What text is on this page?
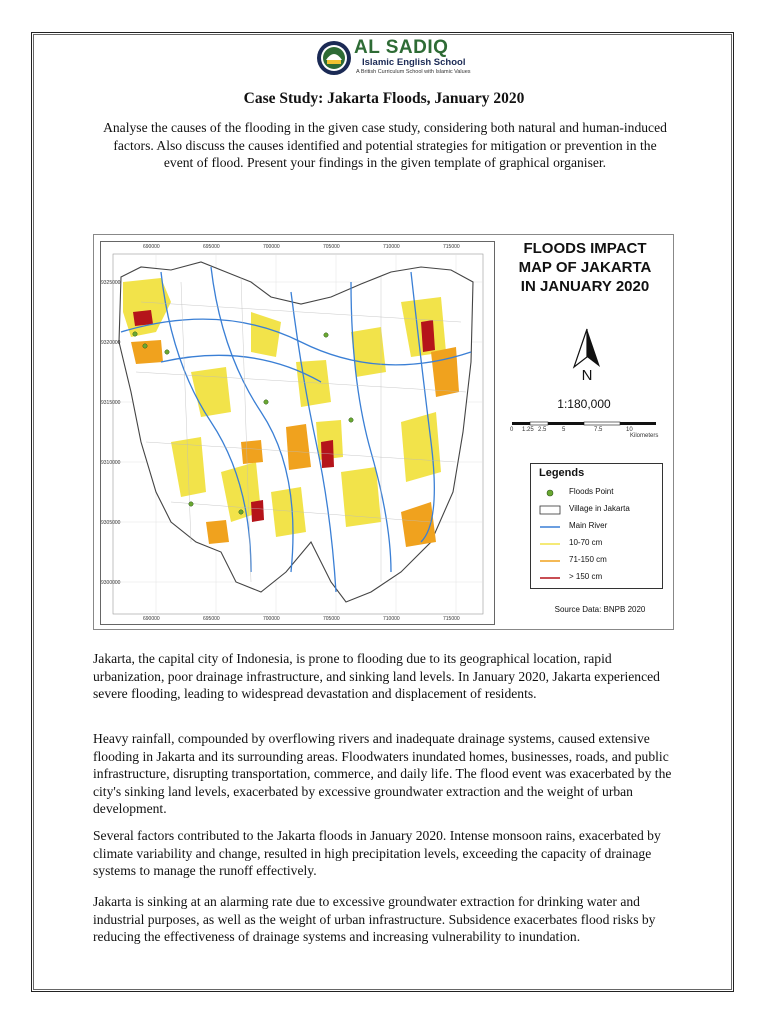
AL SADIQ
Islamic English School
A British Curriculum School with Islamic Values
Case Study: Jakarta Floods, January 2020
Analyse the causes of the flooding in the given case study, considering both natural and human-induced factors. Also discuss the causes identified and potential strategies for mitigation or prevention in the event of flood. Present your findings in the given template of graphical organiser.
690000	695000	700000	705000	710000	715000
690000	695000	700000	705000	710000	715000
9325000
9320000
9315000
9310000
9305000
9300000
FLOODS IMPACT
MAP OF JAKARTA
IN JANUARY 2020
N
1:180,000
0 1.25 2.5	5	7.5	10
Kilometers
Legends
Floods Point
Village in Jakarta
Main River
10-70 cm
71-150 cm
> 150 cm
Source Data: BNPB 2020
Jakarta, the capital city of Indonesia, is prone to flooding due to its geographical location, rapid urbanization, poor drainage infrastructure, and sinking land levels. In January 2020, Jakarta experienced severe flooding, leading to widespread devastation and displacement of residents.
Heavy rainfall, compounded by overflowing rivers and inadequate drainage systems, caused extensive flooding in Jakarta and its surrounding areas. Floodwaters inundated homes, businesses, roads, and public infrastructure, disrupting transportation, commerce, and daily life. The flood event was exacerbated by the city's sinking land levels, exacerbated by excessive groundwater extraction and the weight of urban development.
Several factors contributed to the Jakarta floods in January 2020. Intense monsoon rains, exacerbated by climate variability and change, resulted in high precipitation levels, exceeding the capacity of drainage systems to manage the runoff effectively.
Jakarta is sinking at an alarming rate due to excessive groundwater extraction for drinking water and industrial purposes, as well as the weight of urban infrastructure. Subsidence exacerbates flood risks by reducing the effectiveness of drainage systems and increasing vulnerability to inundation.
